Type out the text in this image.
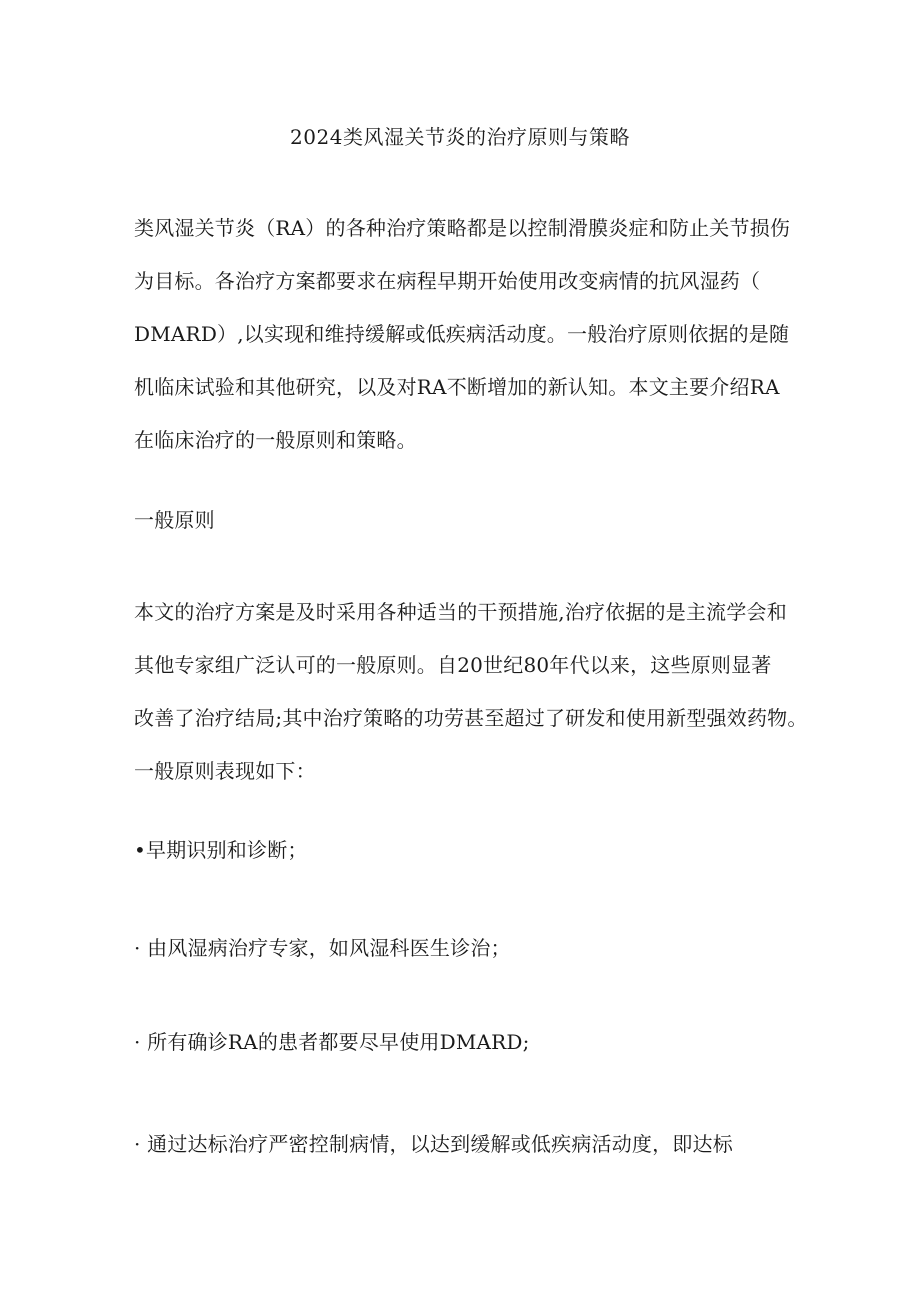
2024类风湿关节炎的治疗原则与策略
类风湿关节炎（RA）的各种治疗策略都是以控制滑膜炎症和防止关节损伤
为目标。各治疗方案都要求在病程早期开始使用改变病情的抗风湿药（
DMARD）,以实现和维持缓解或低疾病活动度。一般治疗原则依据的是随
机临床试验和其他研究，以及对RA不断增加的新认知。本文主要介绍RA
在临床治疗的一般原则和策略。
一般原则
本文的治疗方案是及时采用各种适当的干预措施,治疗依据的是主流学会和
其他专家组广泛认可的一般原则。自20世纪80年代以来，这些原则显著
改善了治疗结局;其中治疗策略的功劳甚至超过了研发和使用新型强效药物。
一般原则表现如下：
•早期识别和诊断；
· 由风湿病治疗专家，如风湿科医生诊治；
· 所有确诊RA的患者都要尽早使用DMARD;
· 通过达标治疗严密控制病情，以达到缓解或低疾病活动度，即达标
